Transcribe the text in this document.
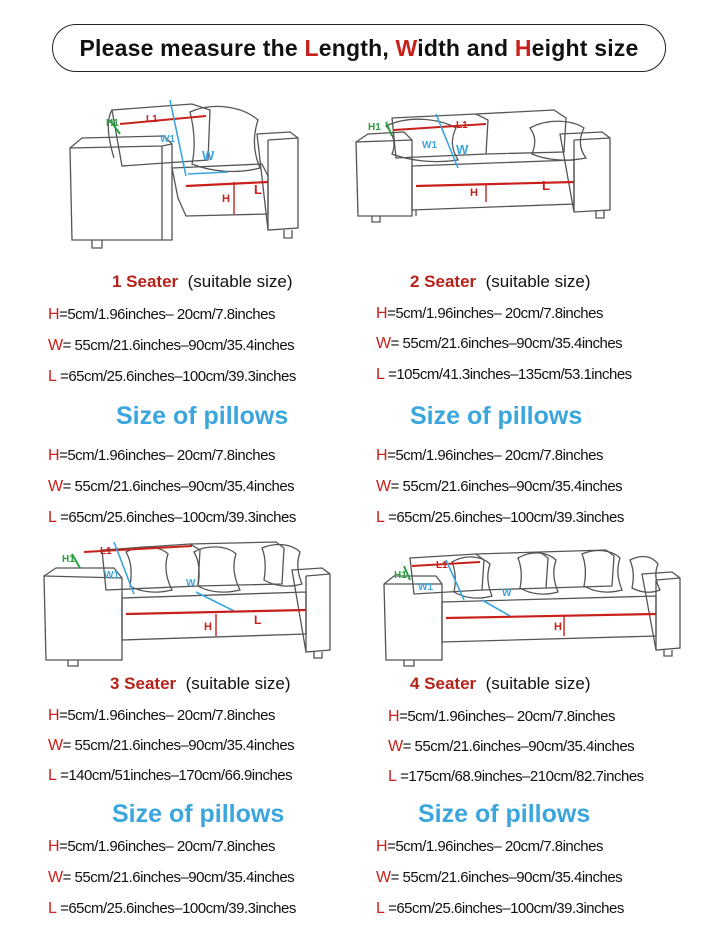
Please measure the Length, Width and Height size
H1	L1
W1
W
H
L
H1	L1
W1 W
H	L
1 Seater (suitable size)
H=5cm/1.96inches– 20cm/7.8inches
W= 55cm/21.6inches–90cm/35.4inches
L =65cm/25.6inches–100cm/39.3inches
Size of pillows
H=5cm/1.96inches– 20cm/7.8inches
W= 55cm/21.6inches–90cm/35.4inches
L =65cm/25.6inches–100cm/39.3inches
2 Seater (suitable size)
H=5cm/1.96inches– 20cm/7.8inches
W= 55cm/21.6inches–90cm/35.4inches
L =105cm/41.3inches–135cm/53.1inches
Size of pillows
H=5cm/1.96inches– 20cm/7.8inches
W= 55cm/21.6inches–90cm/35.4inches
L =65cm/25.6inches–100cm/39.3inches
H1
L1
W1
W
H	L
H1
L1
W1
W
H
3 Seater (suitable size)
H=5cm/1.96inches– 20cm/7.8inches
W= 55cm/21.6inches–90cm/35.4inches
L =140cm/51inches–170cm/66.9inches
Size of pillows
H=5cm/1.96inches– 20cm/7.8inches
W= 55cm/21.6inches–90cm/35.4inches
L =65cm/25.6inches–100cm/39.3inches
4 Seater (suitable size)
H=5cm/1.96inches– 20cm/7.8inches
W= 55cm/21.6inches–90cm/35.4inches
L =175cm/68.9inches–210cm/82.7inches
Size of pillows
H=5cm/1.96inches– 20cm/7.8inches
W= 55cm/21.6inches–90cm/35.4inches
L =65cm/25.6inches–100cm/39.3inches
